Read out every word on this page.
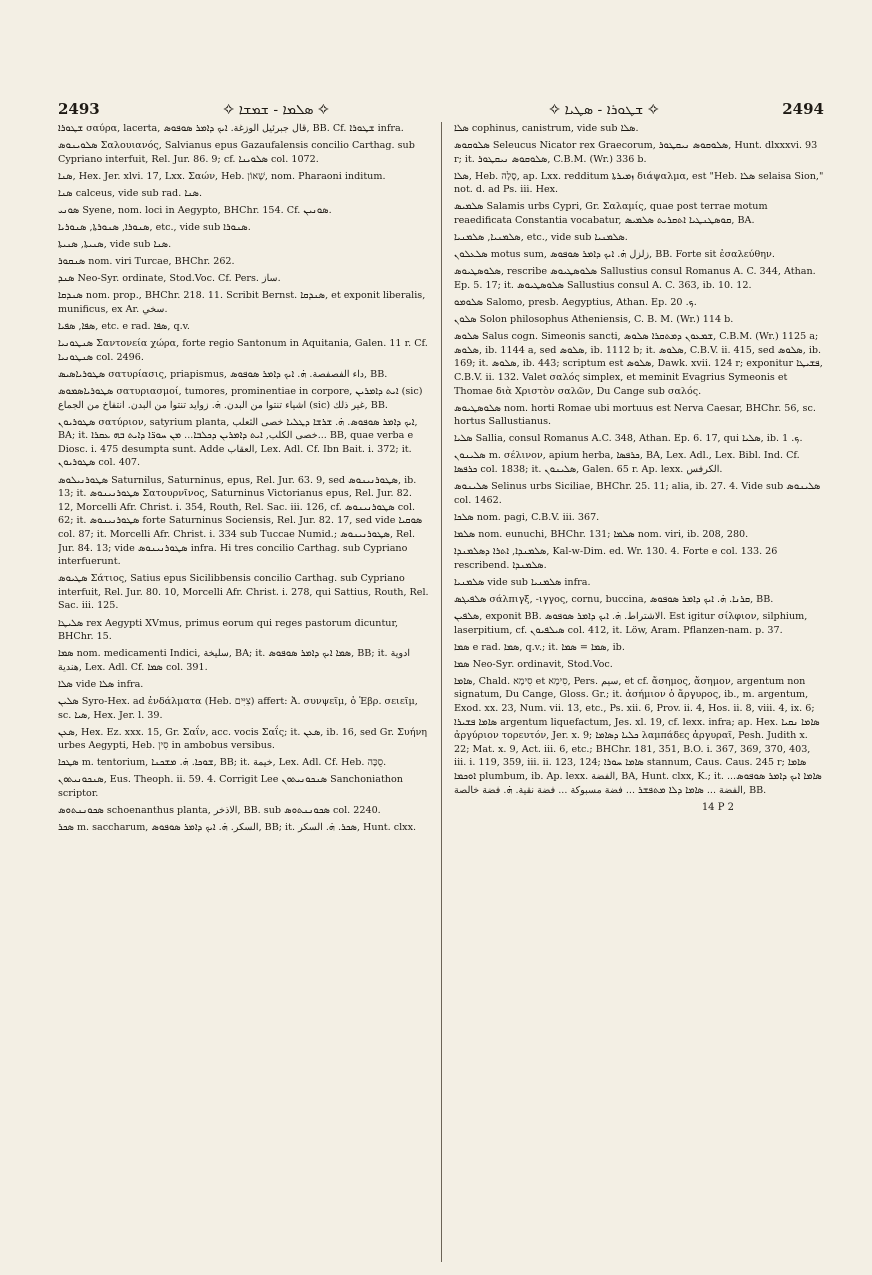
2493	✧ ܫܛܘܪܐ - ܣܛܝܐ ✧
✧ ܣܠܡܐ - ܫܡܫܐ ✧	2494

ܫܛܘܪܐ σαύρα, lacerta, قال جبرئيل الوزغة. ܐܝܟ ܕܐܡܪ ܣܘܦܘܣ, BB. Cf. ܫܛܘܪܐ infra.

ܣܠܘܝܢܘܣ Σαλουιανός, Salvianus epus Gazaufalensis concilio Carthag. sub Cypriano interfuit, Rel. Jur. 86. 9; cf. ܣܠܘܝܢܐ col. 1072.

ܣܢܐ, Hex. Jer. xlvi. 17, Lxx. Σαών, Heb. שָׁאוֹן, nom. Pharaoni inditum.

ܣܢܐ calceus, vide sub rad. ܣܢܐ.

ܣܘܢܝ Syene, nom. loci in Aegypto, BHChr. 154. Cf. ܣܘܢܝܢ.

ܣܢܘܪܐ, ܣܢܘܪܬܐ, ܣܢܘܪܝܐ, etc., vide sub ܣܢܘܪܐ.

ܣܢܝܬܐ, ܣܢܝܬܐ, vide sub ܣܢܐ.

ܣܢܩܘܪ nom. viri Turcae, BHChr. 262.

ܣܢܕ Neo-Syr. ordinate, Stod.Voc. Cf. Pers. ساز.

ܣܢܕܩܐ nom. prop., BHChr. 218. 11. Scribit Bernst. ܣܢܕܩܐ, et exponit liberalis, munificus, ex Ar. سخي.

ܣܦܐ, ܣܦܝܐ, etc. e rad. ܣܦܐ, q.v.

ܣܢܛܘܢܝܐ Σαντονεία χώρα, forte regio Santonum in Aquitania, Galen. 11 r. Cf. ܣܢܛܘܢܝܐ col. 2496.

ܣܛܘܪܝܐܣܝܣ σατυρίασις, priapismus, داء الفصفصة. ܗ̇. ܐܝܟ ܕܐܡܪ ܣܘܦܘܣ, BB.

ܣܛܘܪܝܐܣܡܘܣ σατυριασμοί, tumores, prominentiae in corpore, ܐܝܬ ܕܐܡܪܝܢ (sic) اشياء تنتوا من البدن. ܗ̇. زوايد تنتوا من البدن. انتفاخ من الجماع (sic) غير ذلك, BB.

ܣܛܘܪܝܘܢ σατύριον, satyrium planta, ܐܝܟ ܕܐܡܪ ܣܘܦܘܣ. ܗ̇. ܫܪܫܐ ܕܛܠܝܐ خصى الثعلب, BA; it. خصى الكلب, ܐܝܬ ܕܐܡܪܝܢ ܕܟܠܒܐ... ܡܢ ܚܘܪ̈ܐ ܕܐܝܬ ܒܗ ܥܩܪܐ... BB, quae verba e Diosc. i. 475 desumpta sunt. Adde العقاب, Lex. Adl. Cf. Ibn Bait. i. 372; it. ܣܛܘܪܝܘܢ col. 407.

ܣܛܘܪܢܝܠܘܣ Saturnilus, Saturninus, epus, Rel. Jur. 63. 9, sed ܣܛܘܪܢܝܢܘܣ, ib. 13; it. ܣܛܘܪܢܝܢܘܣ Σατουρνῖνος, Saturninus Victorianus epus, Rel. Jur. 82. 12, Morcelli Afr. Christ. i. 354, Routh, Rel. Sac. iii. 126, cf. ܣܛܘܪܢܝܢܘܣ col. 62; it. ܣܛܘܪܢܝܢܘܣ forte Saturninus Sociensis, Rel. Jur. 82. 17, sed vide ܣܘܩܝܐ col. 87; it. Morcelli Afr. Christ. i. 334 sub Tuccae Numid.; ܣܛܘܪܢܝܢܘܣ, Rel. Jur. 84. 13; vide ܣܛܘܪܢܝܢܘܣ infra. Hi tres concilio Carthag. sub Cypriano interfuerunt.

ܣܛܝܘܣ Σάτιος, Satius epus Sicilibbensis concilio Carthag. sub Cypriano interfuit, Rel. Jur. 80. 10, Morcelli Afr. Christ. i. 278, qui Sattius, Routh, Rel. Sac. iii. 125.

ܣܠܝܛܐ rex Aegypti XVmus, primus eorum qui reges pastorum dicuntur, BHChr. 15.

ܣܡܐ nom. medicamenti Indici, سليخة, BA; it. ܣܡܐ ܐܝܟ ܕܐܡܪ ܣܘܦܘܣ, BB; it. ادوية هندية, Lex. Adl. Cf. ܣܡܐ col. 391.

ܣܠܐ vide ܣܠܐ infra.

ܣܠܝܢ Syro-Hex. ad ἐνδάλματα (Heb. צִיִּים) affert: Ἀ. συνψεῖμ, ὁ Ἑβρ. σειεῖμ, sc. ܣܝܐ, Hex. Jer. l. 39.

ܣܥܢ, Hex. Ez. xxx. 15, Gr. Σαΐν, acc. vocis Σαΐς; it. ܣܥܢ, ib. 16, sed Gr. Συήνη urbes Aegypti, Heb. סִין in ambobus versibus.

ܣܛܟܐ m. tentorium, ܫܘܟܐ. ܗ̇. ܡܫܟܢܐ, BB; it. خيمة, Lex. Adl. Cf. Heb. סֻכָּה.

ܣܢܟܘܢܝܬܘܢ, Eus. Theoph. ii. 59. 4. Corrigit Lee ܣܢܟܘܢܝܬܘܢ Sanchoniathon scriptor.

ܣܟܘܢܢܬܘܣ schoenanthus planta, الاذخر, BB. sub ܣܟܘܢܢܬܘܣ col. 2240.

ܣܟܪ m. saccharum, السكر. ܗ̇. ܐܝܟ ܕܐܡܪ ܣܘܦܘܣ, BB; it. ܣܟܪ. ܗ̇. السكر, Hunt. clxx.

ܣܠܐ cophinus, canistrum, vide sub ܣܠܐ.

ܣܠܘܩܘܣ Seleucus Nicator rex Graecorum, ܣܠܘܩܘܣ ܢܝܩܛܘܪ, Hunt. dlxxxvi. 93 r; it. ܣܠܘܩܘܣ ܢܝܩܛܘܪ, C.B.M. (Wr.) 336 b.

ܣܠܐ, Heb. סֶלָה, ap. Lxx. redditum ܙܡܝܪܬܐ διάψαλμα, est "Heb. ܣܠܐ selaisa Sion," not. d. ad Ps. iii. Hex.

ܣܠܡܝܣ Salamis urbs Cypri, Gr. Σαλαμίς, quae post terrae motum reaedificata Constantia vocabatur, ܩܘܣܛܢܛܝܐ ܐܬܩܪܝܬ ܣܠܡܝܣ, BA.

ܣܠܡܢܝܐ, ܣܠܡܢܝܐ, etc., vide sub ܣܠܡܢܝܐ.

ܣܠܥܠܘܢ motus sum, زلزل ܗ̇. ܐܝܟ ܕܐܡܪ ܣܘܦܘܣ, BB. Forte sit ἐσαλεύθην.

ܣܠܘܣܛܝܘܣ, rescribe ܣܠܘܣܛܝܘܣ Sallustius consul Romanus A. C. 344, Athan. Ep. 5. 17; it. ܣܠܘܣܛܝܘܣ Sallustius consul A. C. 363, ib. 10. 12.

ܣܠܘܡܘ Salomo, presb. Aegyptius, Athan. Ep. ܟ. 20.

ܣܠܘܢ Solon philosophus Atheniensis, C. B. M. (Wr.) 114 b.

ܣܠܘܣ Salus cogn. Simeonis sancti, ܫܡܥܘܢ ܕܡܬܩܪܐ ܣܠܘܣ, C.B.M. (Wr.) 1125 a; ܣܠܘܣ, ib. 1144 a, sed ܣܠܘܣ, ib. 1112 b; it. ܣܠܘܣ, C.B.V. ii. 415, sed ܣܠܘܣ, ib. 169; it. ܣܠܘܣ, ib. 443; scriptum est ܣܠܘܣ, Dawk. xvii. 124 r; exponitur ܦܫܝܛܐ, C.B.V. ii. 132. Valet σαλός simplex, et meminit Evagrius Symeonis et Thomae διὰ Χριστὸν σαλῶν, Du Cange sub σαλός.

ܣܠܘܣܛܝܘܣ nom. horti Romae ubi mortuus est Nerva Caesar, BHChr. 56, sc. hortus Sallustianus.

ܣܠܝܐ Sallia, consul Romanus A.C. 348, Athan. Ep. 6. 17, qui ܣܠܝܐ, ib. ܟ. 1.

ܣܠܝܢܘܢ m. σέλινον, apium herba, ܟܪܦܣܐ, BA, Lex. Adl., Lex. Bibl. Ind. Cf. ܟܪܦܣܐ col. 1838; it. ܣܠܝܢܘܢ, Galen. 65 r. Ap. lexx. الكرفس.

ܣܠܝܢܘܣ Selinus urbs Siciliae, BHChr. 25. 11; alia, ib. 27. 4. Vide sub ܣܠܝܢܘܣ col. 1462.

ܣܠܟܐ nom. pagi, C.B.V. iii. 367.

ܣܠܡܐ nom. eunuchi, BHChr. 131; ܣܠܡܐ nom. viri, ib. 208, 280.

ܣܠܡܢܕܐ, ܐܬܪܐ ܕܣܠܡܢܕܐ, Kal-w-Dim. ed. Wr. 130. 4. Forte e col. 133. 26 rescribend. ܣܠܡܢܕܐ.

ܣܠܡܢܝܐ vide sub ܣܠܡܢܝܐ infra.

ܣܠܦܝܓܣ σάλπιγξ, -ιγγος, cornu, buccina, ܩܪܢܐ. ܗ̇. ܐܝܟ ܕܐܡܪ ܣܘܦܘܣ, BB.

ܣܠܦܝܢ, exponit BB. الاشتراط. ܗ̇. ܐܝܟ ܕܐܡܪ ܣܘܦܘܣ. Est igitur σίλφιον, silphium, laserpitium, cf. ܣܝܠܦܝܘܢ col. 412, it. Löw, Aram. Pflanzen-nam. p. 37.

ܣܡܐ e rad. ܣܡܐ, q.v.; it. ܣܡܐ = ܣܡܐ, ib.

ܣܡܐ Neo-Syr. ordinavit, Stod.Voc.

ܣܐܡܐ, Chald. סִימָא et סִימָא, Pers. سيم, et cf. ἄσημος, ἄσημον, argentum non signatum, Du Cange, Gloss. Gr.; it. ἀσήμιον ὁ ἄργυρος, ib., m. argentum, Exod. xx. 23, Num. vii. 13, etc., Ps. xii. 6, Prov. ii. 4, Hos. ii. 8, viii. 4, ix. 6; ܣܐܡܐ ܦܫܝܪܐ argentum liquefactum, Jes. xl. 19, cf. lexx. infra; ap. Hex. ܣܐܡܐ ܢܩܝܐ ἀργύριον τορευτόν, Jer. x. 9; ܟܠܝܐ ܕܣܐܡܐ λαμπάδες ἀργυραῖ, Pesh. Judith x. 22; Mat. x. 9, Act. iii. 6, etc.; BHChr. 181, 351, B.O. i. 367, 369, 370, 403, iii. i. 119, 359, iii. ii. 123, 124; ܣܐܡܐ ܚܘܪܐ stannum, Caus. Caus. 245 r; ܣܐܡܐ ܐܘܟܡܐ plumbum, ib. Ap. lexx. الفضة, BA, Hunt. clxx, K.; it. ܣܐܡܐ ܐܝܟ ܕܐܡܪ ܣܘܦܘܣ... الفضة ... ܣܐܡܐ ܕܠܐ ܡܬܦܫܪ ... فضة مسبوكة ... فضة نقية. ܗ̇. فضة خالصة, BB.

14 P 2
